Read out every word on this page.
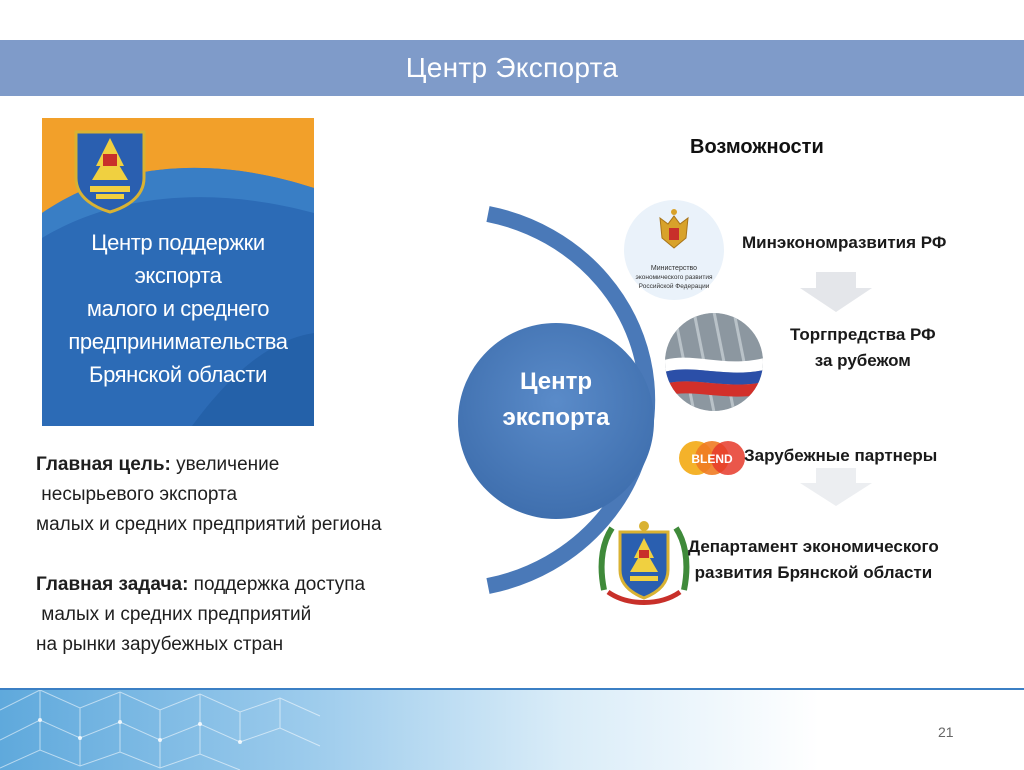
Центр Экспорта
Центр поддержки
экспорта
малого и среднего
предпринимательства
Брянской области
Главная цель: увеличение
несырьевого экспорта
малых и средних предприятий региона
Главная задача: поддержка доступа
малых и средних предприятий
на рынки зарубежных стран
Центр
экспорта
Возможности
Министерство
экономического развития
Российской Федерации
Минэкономразвития РФ
Торгпредства РФ
за рубежом
BLEND Зарубежные партнеры
Департамент экономического
развития Брянской области
21
